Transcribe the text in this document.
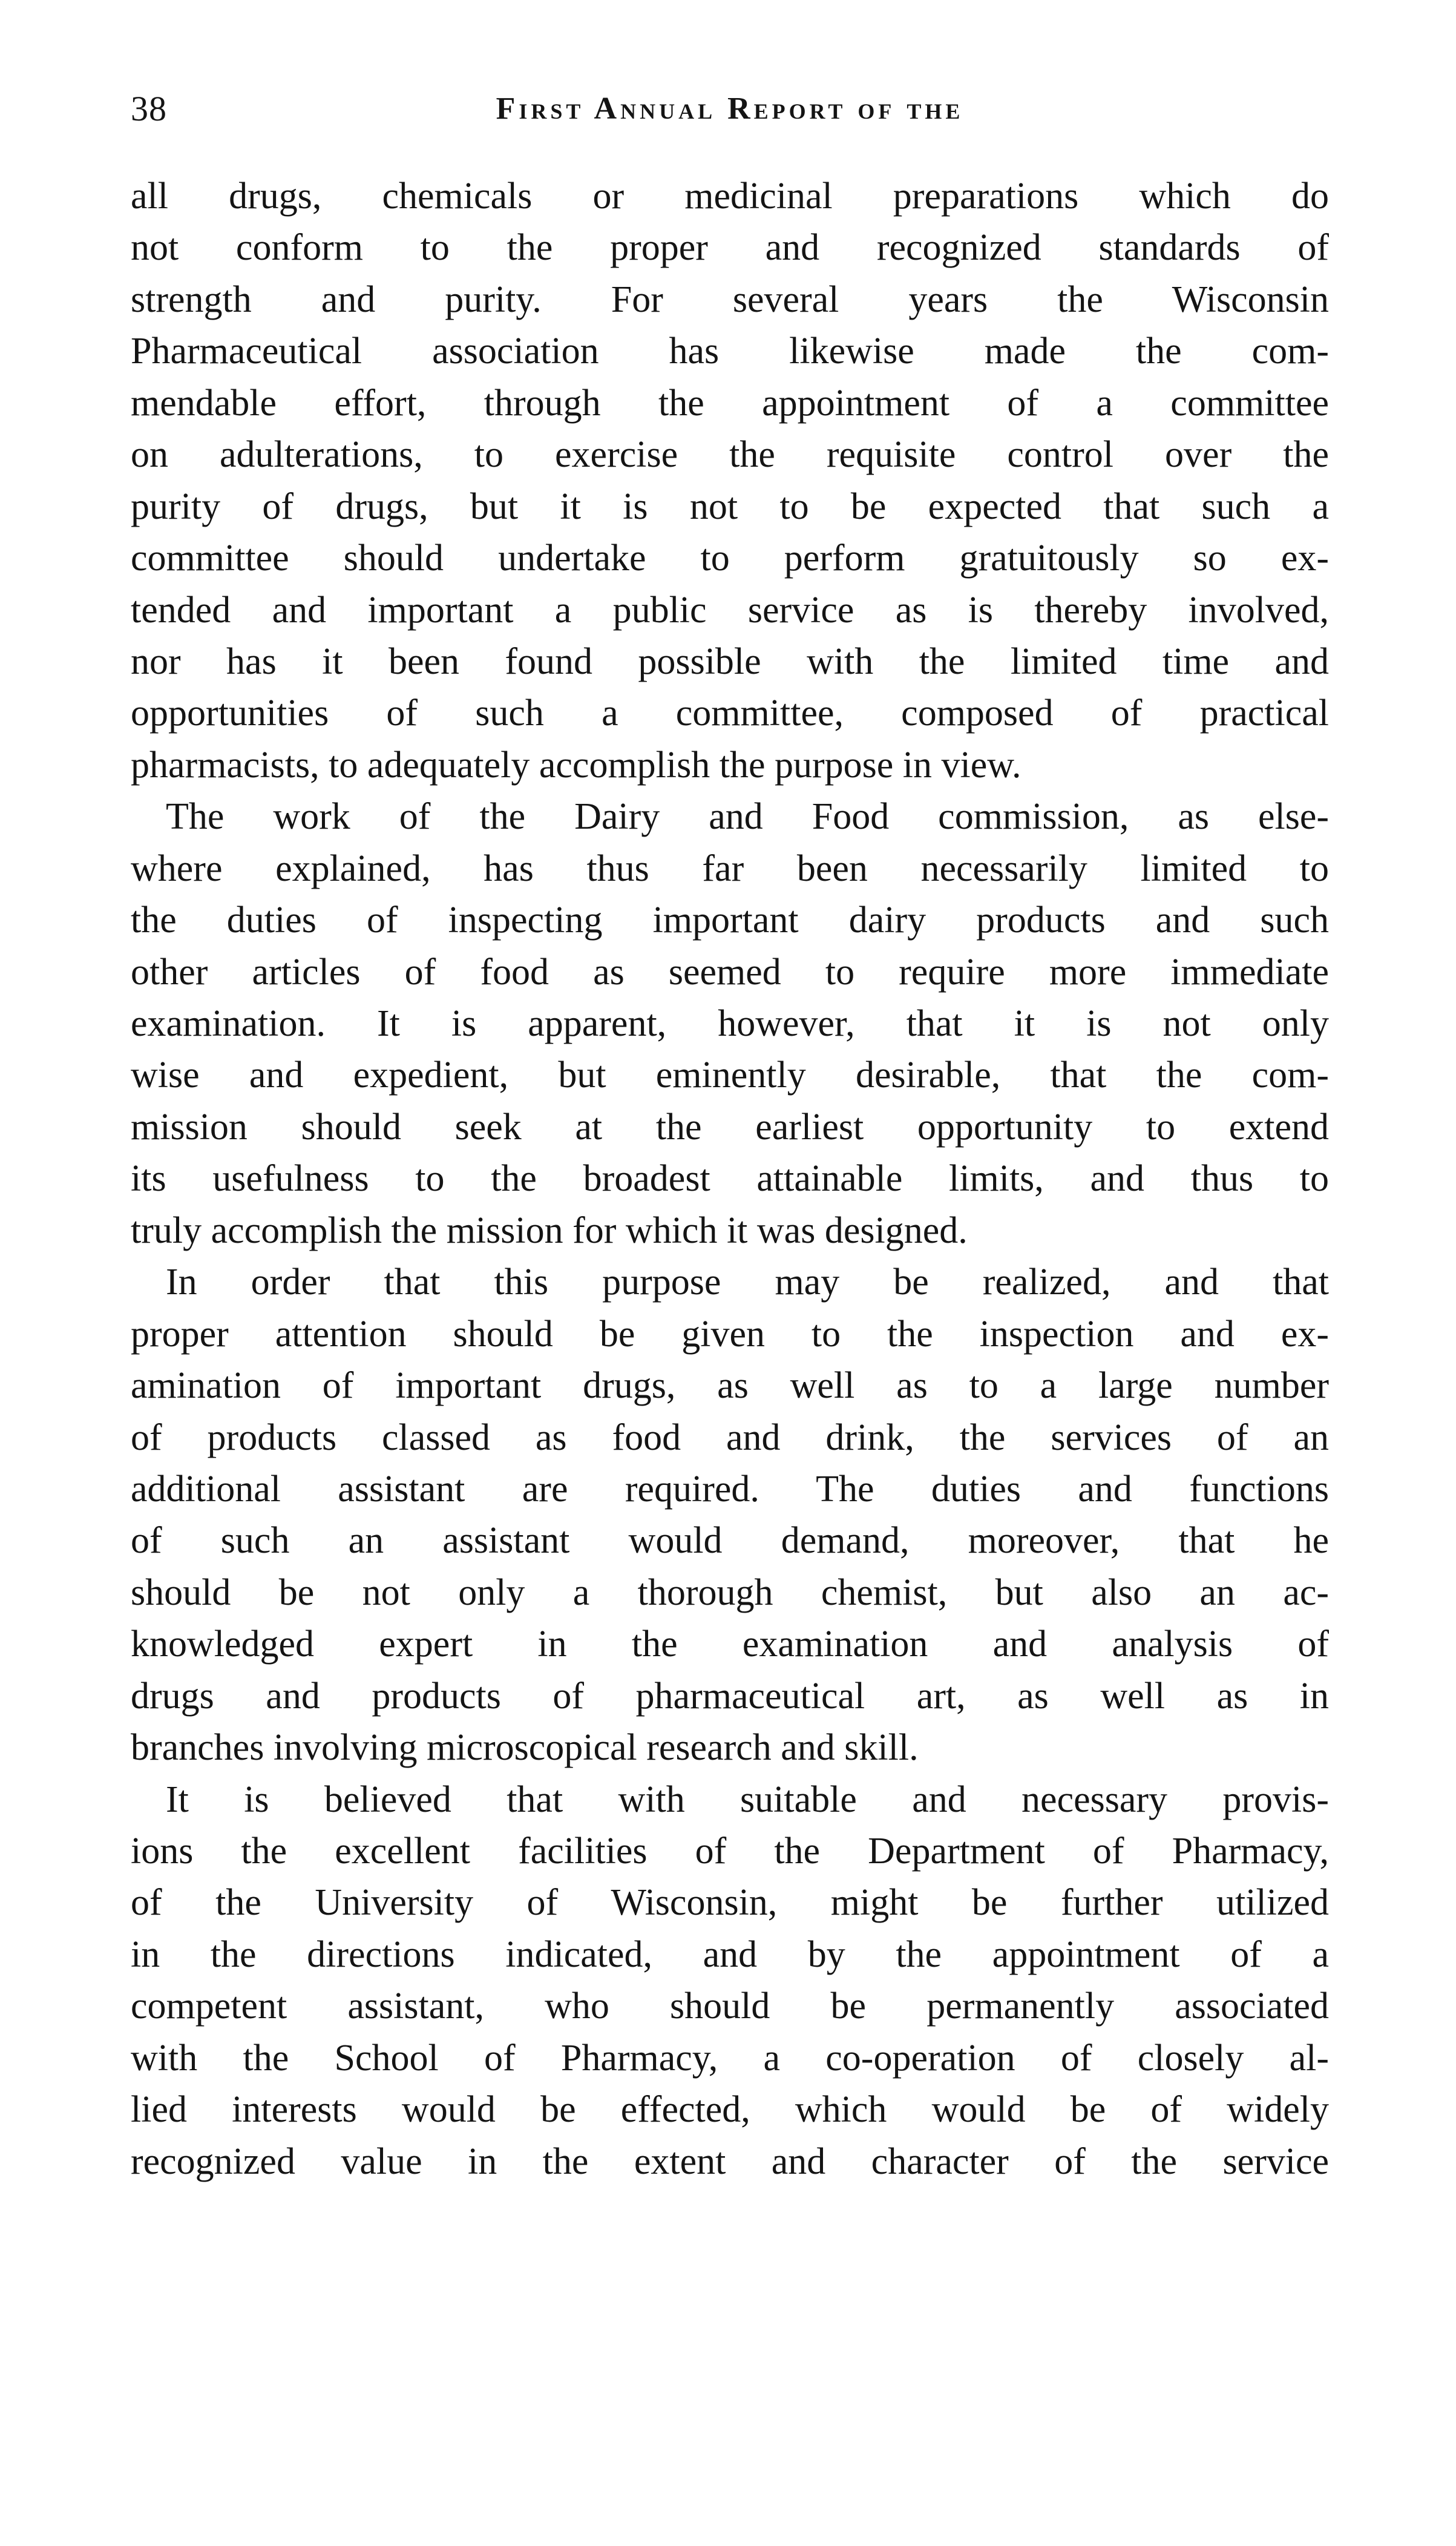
38	First Annual Report of the
all drugs, chemicals or medicinal preparations which do
not conform to the proper and recognized standards of
strength and purity. For several years the Wisconsin
Pharmaceutical association has likewise made the com-
mendable effort, through the appointment of a committee
on adulterations, to exercise the requisite control over the
purity of drugs, but it is not to be expected that such a
committee should undertake to perform gratuitously so ex-
tended and important a public service as is thereby involved,
nor has it been found possible with the limited time and
opportunities of such a committee, composed of practical
pharmacists, to adequately accomplish the purpose in view.
The work of the Dairy and Food commission, as else-
where explained, has thus far been necessarily limited to
the duties of inspecting important dairy products and such
other articles of food as seemed to require more immediate
examination. It is apparent, however, that it is not only
wise and expedient, but eminently desirable, that the com-
mission should seek at the earliest opportunity to extend
its usefulness to the broadest attainable limits, and thus to
truly accomplish the mission for which it was designed.
In order that this purpose may be realized, and that
proper attention should be given to the inspection and ex-
amination of important drugs, as well as to a large number
of products classed as food and drink, the services of an
additional assistant are required. The duties and functions
of such an assistant would demand, moreover, that he
should be not only a thorough chemist, but also an ac-
knowledged expert in the examination and analysis of
drugs and products of pharmaceutical art, as well as in
branches involving microscopical research and skill.
It is believed that with suitable and necessary provis-
ions the excellent facilities of the Department of Pharmacy,
of the University of Wisconsin, might be further utilized
in the directions indicated, and by the appointment of a
competent assistant, who should be permanently associated
with the School of Pharmacy, a co-operation of closely al-
lied interests would be effected, which would be of widely
recognized value in the extent and character of the service
